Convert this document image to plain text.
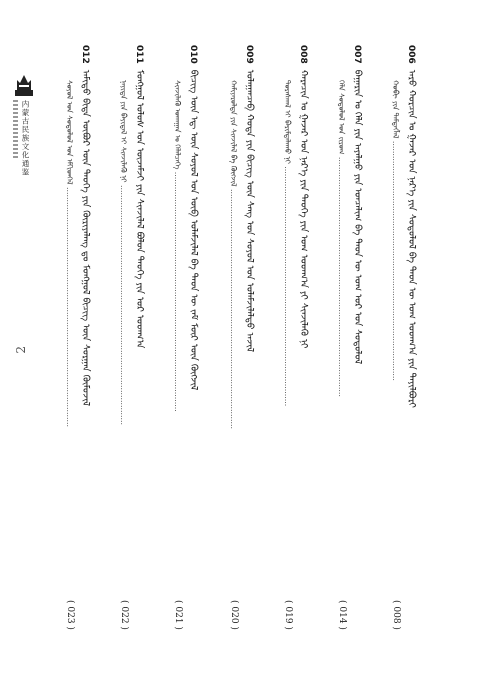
内蒙古民族文化通鉴
2
012ᠠᠮᠢᠳᠤ ᠪᠢᠳᠡ ᠦᠪᠦᠷ ᠦᠨ ᠲᠡᠦᠬᠡ ᠶᠢᠨ ᠬᠦᠷᠢᠶᠡᠯᠡᠩ ᠳᠤ ᠮᠣᠩᠭᠣᠯ ᠪᠢᠴᠢᠭ ᠦᠨ ᠰᠤᠷᠭᠠᠨ ᠬᠦᠮᠦᠵᠢᠯ
ᠰᠣᠶᠣᠯ ᠤᠨ ᠰᠤᠳᠤᠯᠤᠯ ᠤᠨ ᠡᠮᠬᠢᠳᠬᠡᠯ ……………………………………………………………………………………
( 023 )
011ᠮᠣᠩᠭᠣᠯ ᠤᠯᠤᠰ ᠤᠨ ᠦᠵᠡᠮᠵᠢ ᠶᠢᠨ ᠰᠢᠨᠵᠢᠯᠡᠯ ᠪᠣᠯᠤᠨ ᠲᠡᠦᠬᠡ ᠶᠢᠨ ᠤᠷ ᠤᠳᠬ᠎ᠠ
ᠨᠡᠶᠢᠲᠡ ᠶᠢᠨ ᠪᠠᠶᠢᠳᠠᠯ ᠢ ᠰᠢᠨᠵᠢᠯᠡᠬᠦ ᠨᠢ ……………………………………………………………………………………
( 022 )
010ᠪᠢᠴᠢᠭ᠌ ᠦᠨ ᠡᠳ᠋ ᠦᠨ ᠰᠣᠶᠣᠯ ᠤᠨ ᠦᠪ ᠤᠯᠠᠮᠵᠢᠯᠠᠯ ᠪᠠ ᠲᠡᠦᠨ ᠦ ᠵᠠᠮ ᠮᠥᠷ ᠦᠨ ᠬᠦᠭᠵᠢᠯ
ᠰᠢᠨᠵᠢᠯᠡᠬᠦ ᠤᠬᠠᠭᠠᠨ ᠤ ᠬᠡᠯᠡᠯᠴᠡᠭᠡ ……………………………………………………………………………………
( 021 )
009ᠤᠯᠠᠭᠠᠨᠴᠠᠪ ᠬᠣᠲᠠ ᠶᠢᠨ ᠪᠢᠴᠢᠭ᠌ ᠦᠨ ᠰᠠᠩ ᠤᠨ ᠰᠣᠶᠣᠯ ᠤᠨ ᠤᠯᠠᠮᠵᠢᠯᠠᠯᠲᠤ ᠠᠵᠢᠯ
ᠬᠠᠮᠢᠶᠠᠷᠤᠯᠲᠠ ᠶᠢᠨ ᠰᠢᠨᠵᠢᠯᠡᠯ ᠪᠠ ᠬᠥᠭᠵᠢᠯ ……………………………………………………………………………………
( 020 )
008ᠬᠠᠷᠠᠴᠢᠨ ᠤ ᠭᠠᠵᠠᠷ ᠤᠨ ᠨᠡᠷ᠎ᠡ ᠶᠢᠨ ᠲᠡᠦᠬᠡ ᠶᠢᠨ ᠤᠭ ᠤᠳᠬ᠎ᠠ ᠶᠢ ᠰᠢᠨᠵᠢᠯᠡᠬᠦ ᠨᠢ
ᠳᠤᠷᠠᠰᠬᠠᠯ ᠢ ᠪᠠᠷᠢᠮᠲᠠᠯᠠᠬᠤ ᠨᠢ ……………………………………………………………………………………
( 019 )
007ᠪᠠᠭᠠᠷᠢᠨ ᠤ ᠬᠡᠯᠡ ᠶᠢᠨ ᠠᠶᠠᠯᠭᠤ ᠶᠢᠨ ᠣᠨᠴᠠᠯᠢᠭ ᠪᠠ ᠲᠡᠦᠨ ᠦ ᠤᠭ ᠤᠷ ᠤᠨ ᠰᠤᠳᠤᠯᠤᠯ
ᠬᠡᠯᠡ ᠰᠤᠳᠤᠯᠤᠯ ᠤᠨ ᠵᠢᠷᠤᠭ ……………………………………………………………………………………
( 014 )
006ᠠᠷᠤ ᠬᠣᠷᠴᠢᠨ ᠤ ᠭᠠᠵᠠᠷ ᠤᠨ ᠨᠡᠷ᠎ᠡ ᠶᠢᠨ ᠰᠤᠳᠤᠯᠤᠯ ᠪᠠ ᠲᠡᠦᠨ ᠦ ᠤᠭ ᠤᠳᠬ᠎ᠠ ᠶᠢᠨ ᠲᠠᠶᠢᠯᠪᠤᠷᠢ
ᠬᠣᠪᠢ ᠶᠢᠨ ᠲᠡᠮᠳᠡᠭᠯᠡᠯ ……………………………………………………………………………………
( 008 )
